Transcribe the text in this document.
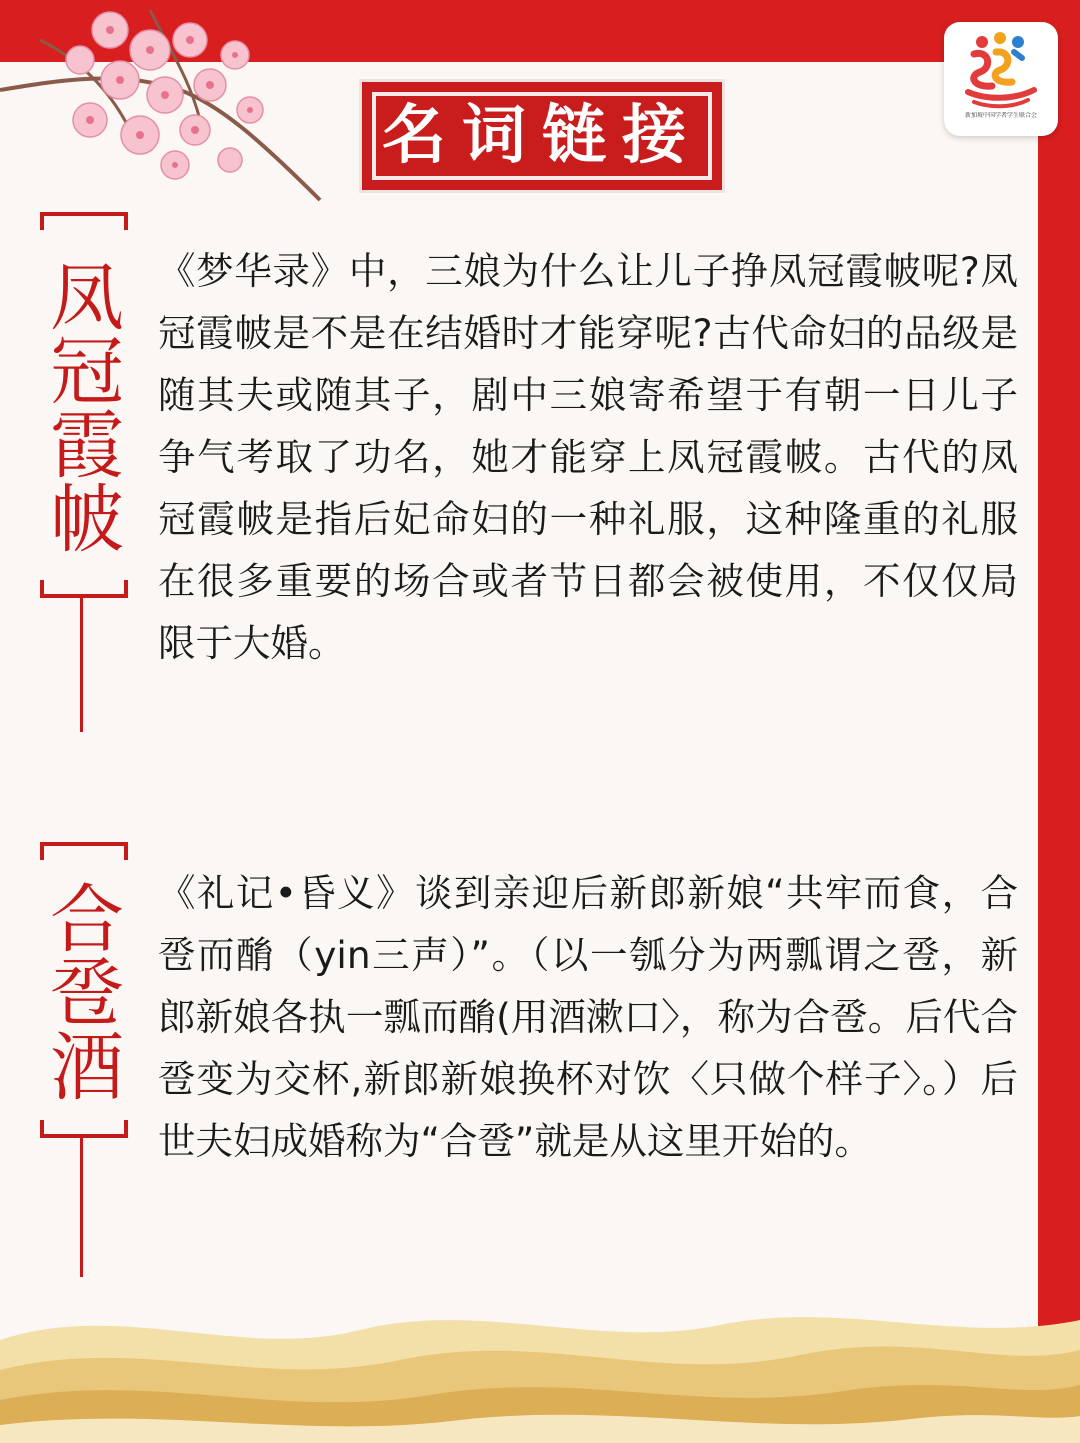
新加坡中国学者学生联合会
名词链接
凤冠霞帔 《梦华录》中，三娘为什么让儿子挣凤冠霞帔呢?凤冠霞帔是不是在结婚时才能穿呢?古代命妇的品级是随其夫或随其子，剧中三娘寄希望于有朝一日儿子争气考取了功名，她才能穿上凤冠霞帔。古代的凤冠霞帔是指后妃命妇的一种礼服，这种隆重的礼服在很多重要的场合或者节日都会被使用，不仅仅局限于大婚。
合卺酒 《礼记•昏义》谈到亲迎后新郎新娘“共牢而食，合卺而酳（yin三声）”。（以一瓠分为两瓢谓之卺，新郎新娘各执一瓢而酳(用酒漱口〉，称为合卺。后代合卺变为交杯,新郎新娘换杯对饮〈只做个样子〉。）后世夫妇成婚称为“合卺”就是从这里开始的。
